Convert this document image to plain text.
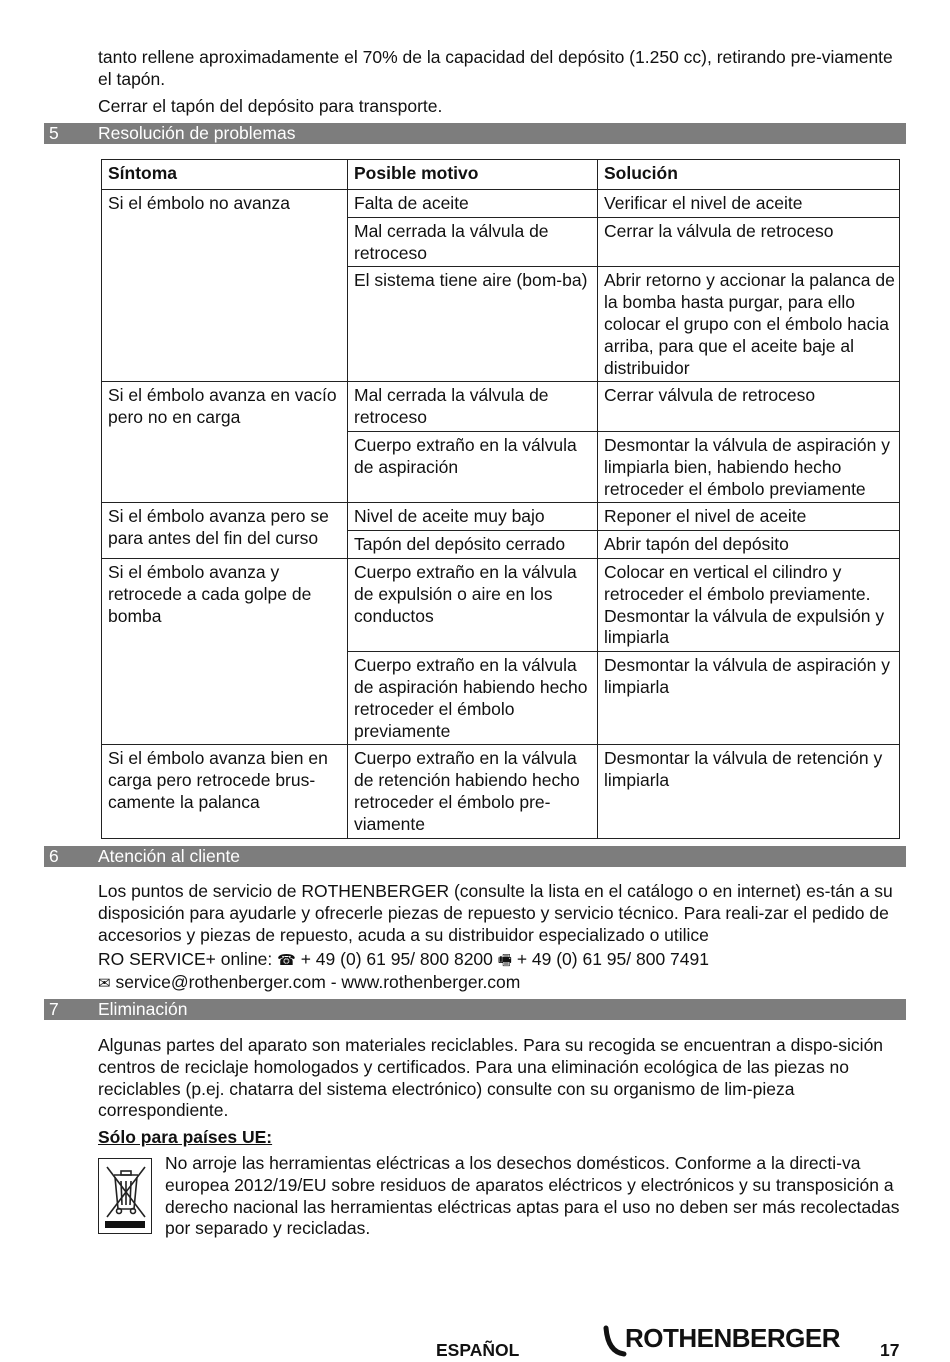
tanto rellene aproximadamente el 70% de la capacidad del depósito (1.250 cc), retirando pre-viamente el tapón.

Cerrar el tapón del depósito para transporte.

5 Resolución de problemas
Síntoma	Posible motivo	Solución
Si el émbolo no avanza	Falta de aceite	Verificar el nivel de aceite
	Mal cerrada la válvula de retroceso	Cerrar la válvula de retroceso
	El sistema tiene aire (bom-ba)	Abrir retorno y accionar la palanca de la bomba hasta purgar, para ello colocar el grupo con el émbolo hacia arriba, para que el aceite baje al distribuidor
Si el émbolo avanza en vacío pero no en carga	Mal cerrada la válvula de retroceso	Cerrar válvula de retroceso
	Cuerpo extraño en la válvula de aspiración	Desmontar la válvula de aspiración y limpiarla bien, habiendo hecho retroceder el émbolo previamente
Si el émbolo avanza pero se para antes del fin del curso	Nivel de aceite muy bajo	Reponer el nivel de aceite
	Tapón del depósito cerrado	Abrir tapón del depósito
Si el émbolo avanza y retrocede a cada golpe de bomba	Cuerpo extraño en la válvula de expulsión o aire en los conductos	Colocar en vertical el cilindro y retroceder el émbolo previamente. Desmontar la válvula de expulsión y limpiarla
	Cuerpo extraño en la válvula de aspiración habiendo hecho retroceder el émbolo previamente	Desmontar la válvula de aspiración y limpiarla
Si el émbolo avanza bien en carga pero retrocede brus-camente la palanca	Cuerpo extraño en la válvula de retención habiendo hecho retroceder el émbolo pre-viamente	Desmontar la válvula de retención y limpiarla
6 Atención al cliente

Los puntos de servicio de ROTHENBERGER (consulte la lista en el catálogo o en internet) es-tán a su disposición para ayudarle y ofrecerle piezas de repuesto y servicio técnico. Para reali-zar el pedido de accesorios y piezas de repuesto, acuda a su distribuidor especializado o utilice

RO SERVICE+ online: ☎ + 49 (0) 61 95/ 800 8200 🖷 + 49 (0) 61 95/ 800 7491
✉ service@rothenberger.com - www.rothenberger.com

7 Eliminación

Algunas partes del aparato son materiales reciclables. Para su recogida se encuentran a dispo-sición centros de reciclaje homologados y certificados. Para una eliminación ecológica de las piezas no reciclables (p.ej. chatarra del sistema electrónico) consulte con su organismo de lim-pieza correspondiente.

Sólo para países UE:

No arroje las herramientas eléctricas a los desechos domésticos. Conforme a la directi-va europea 2012/19/EU sobre residuos de aparatos eléctricos y electrónicos y su transposición a derecho nacional las herramientas eléctricas aptas para el uso no deben ser más recolectadas por separado y recicladas.

ESPAÑOL	ROTHENBERGER 17
